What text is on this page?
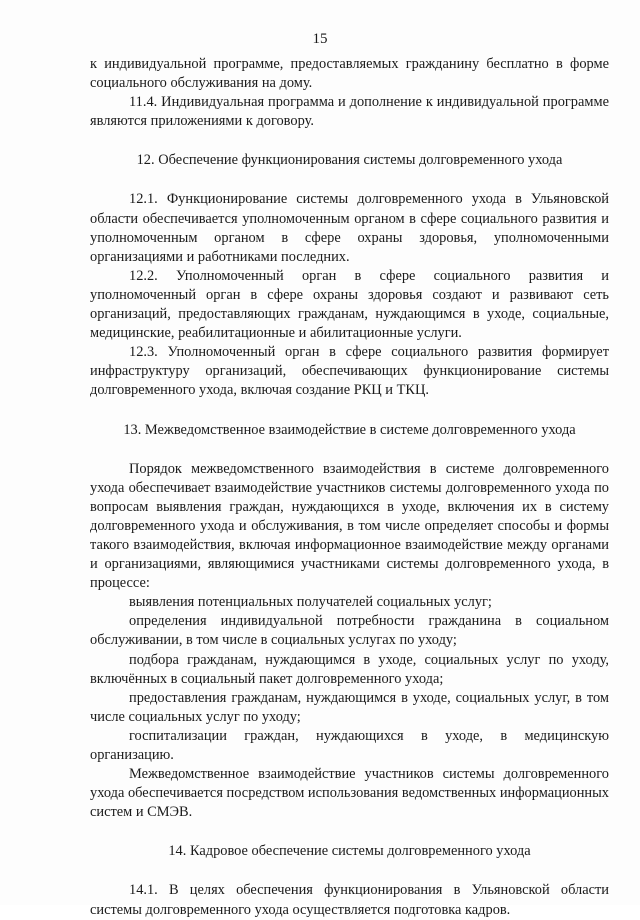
15

к индивидуальной программе, предоставляемых гражданину бесплатно в форме социального обслуживания на дому.

11.4. Индивидуальная программа и дополнение к индивидуальной программе являются приложениями к договору.

12. Обеспечение функционирования системы долговременного ухода

12.1. Функционирование системы долговременного ухода в Ульяновской области обеспечивается уполномоченным органом в сфере социального развития и уполномоченным органом в сфере охраны здоровья, уполномоченными организациями и работниками последних.

12.2. Уполномоченный орган в сфере социального развития и уполномоченный орган в сфере охраны здоровья создают и развивают сеть организаций, предоставляющих гражданам, нуждающимся в уходе, социальные, медицинские, реабилитационные и абилитационные услуги.

12.3. Уполномоченный орган в сфере социального развития формирует инфраструктуру организаций, обеспечивающих функционирование системы долговременного ухода, включая создание РКЦ и ТКЦ.

13. Межведомственное взаимодействие в системе долговременного ухода

Порядок межведомственного взаимодействия в системе долговременного ухода обеспечивает взаимодействие участников системы долговременного ухода по вопросам выявления граждан, нуждающихся в уходе, включения их в систему долговременного ухода и обслуживания, в том числе определяет способы и формы такого взаимодействия, включая информационное взаимодействие между органами и организациями, являющимися участниками системы долговременного ухода, в процессе:

выявления потенциальных получателей социальных услуг;

определения индивидуальной потребности гражданина в социальном обслуживании, в том числе в социальных услугах по уходу;

подбора гражданам, нуждающимся в уходе, социальных услуг по уходу, включённых в социальный пакет долговременного ухода;

предоставления гражданам, нуждающимся в уходе, социальных услуг, в том числе социальных услуг по уходу;

госпитализации граждан, нуждающихся в уходе, в медицинскую организацию.

Межведомственное взаимодействие участников системы долговременного ухода обеспечивается посредством использования ведомственных информационных систем и СМЭВ.

14. Кадровое обеспечение системы долговременного ухода

14.1. В целях обеспечения функционирования в Ульяновской области системы долговременного ухода осуществляется подготовка кадров.
